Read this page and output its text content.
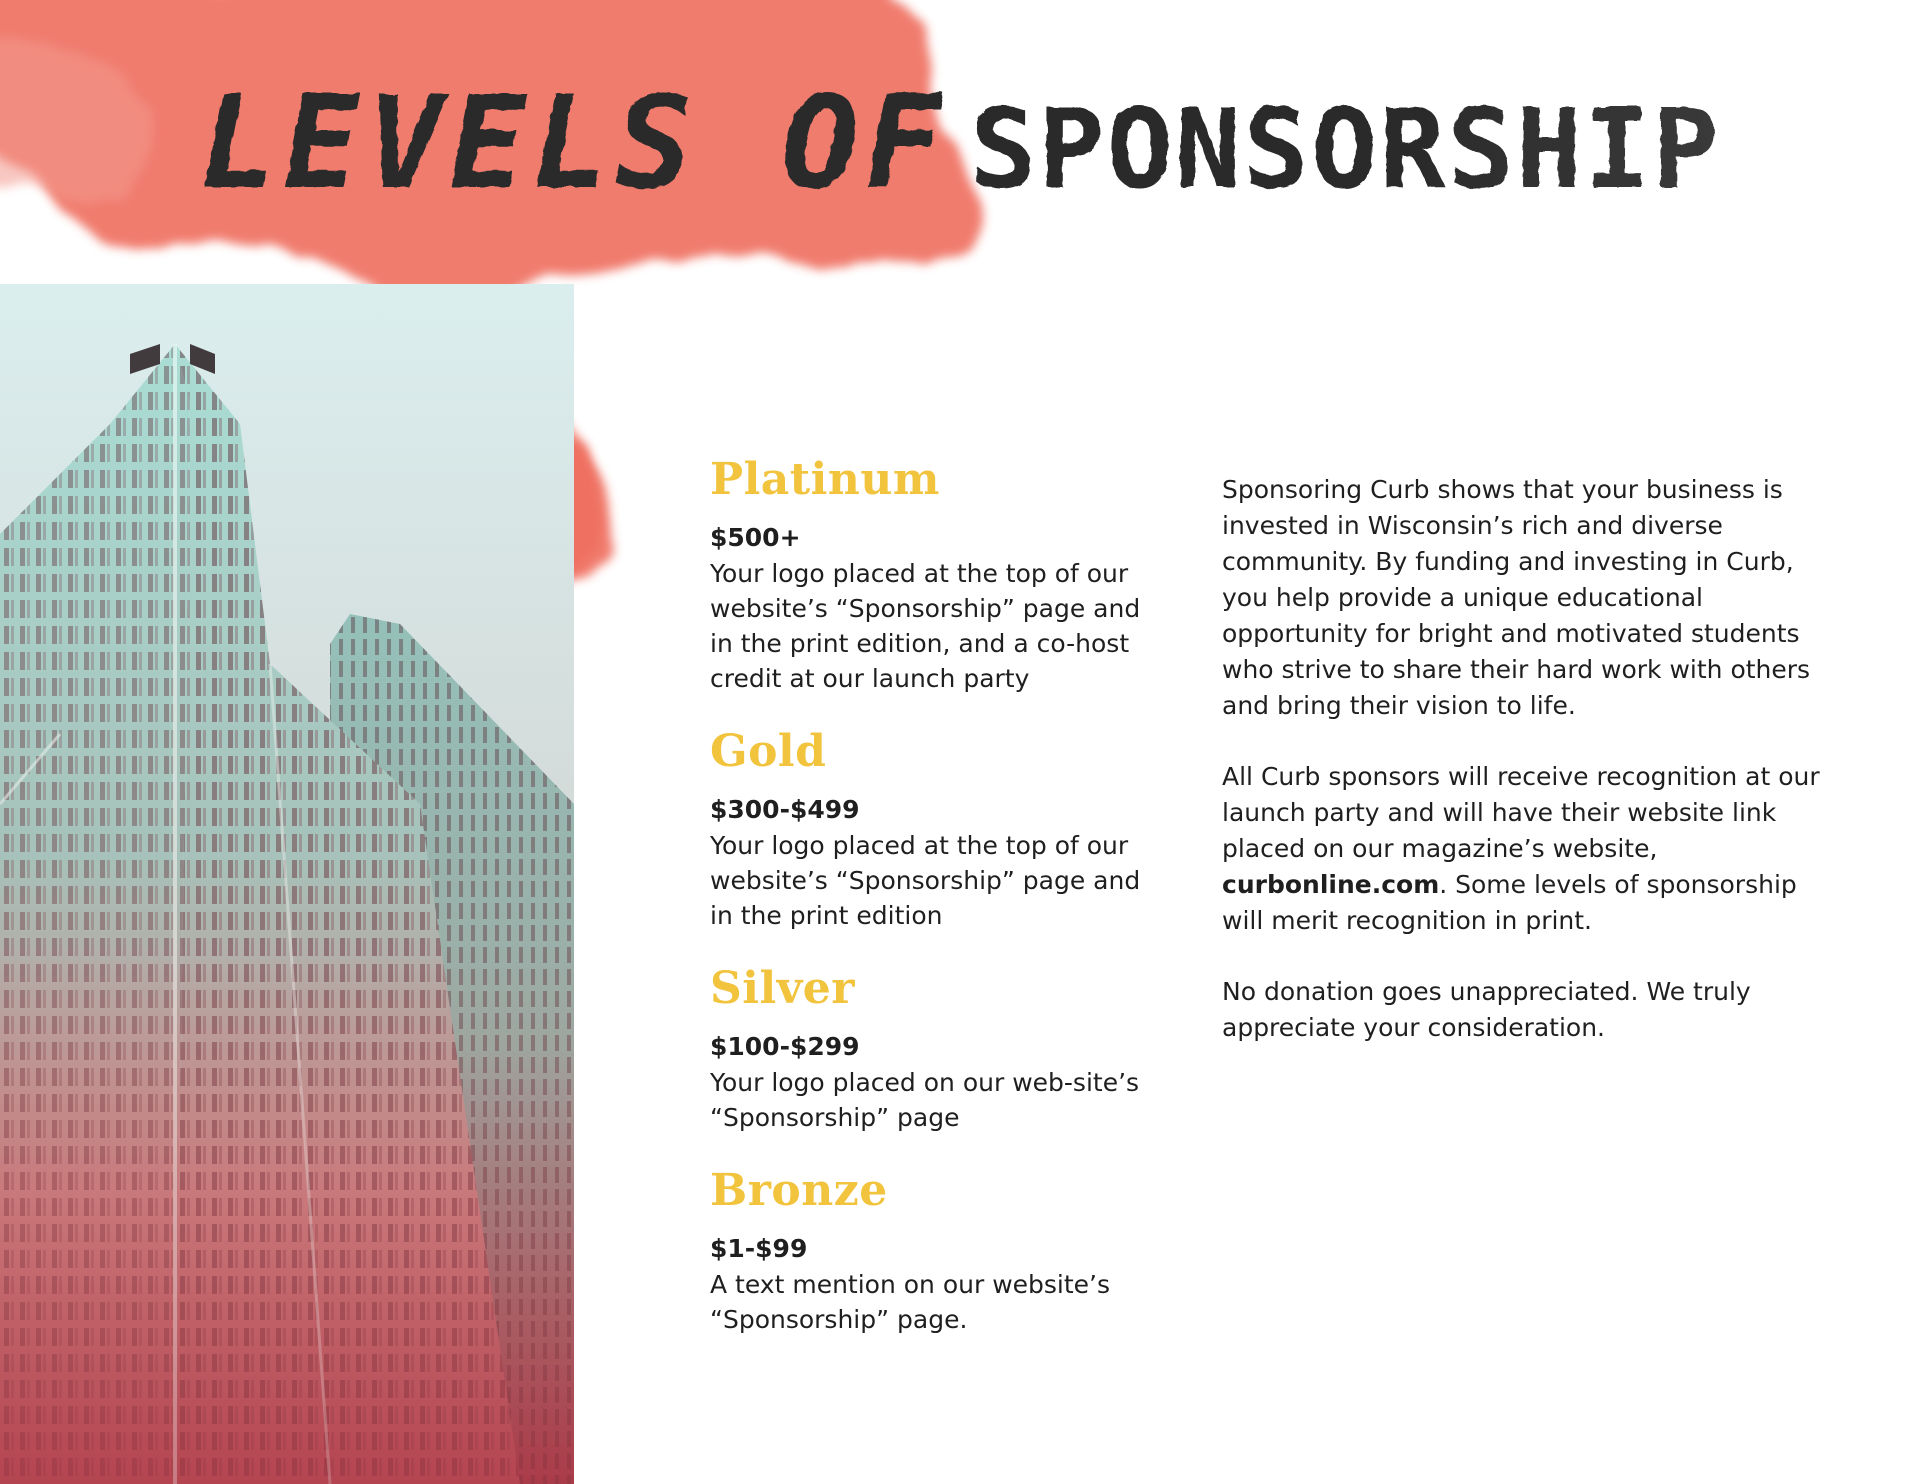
LEVELS OF SPONSORSHIP
Platinum
$500+

Your logo placed at the top of our website’s “Sponsorship” page and in the print edition, and a co-host credit at our launch party

Gold
$300-$499

Your logo placed at the top of our website’s “Sponsorship” page and in the print edition

Silver
$100-$299

Your logo placed on our web-site’s “Sponsorship” page

Bronze
$1-$99

A text mention on our website’s “Sponsorship” page.

Sponsoring Curb shows that your business is invested in Wisconsin’s rich and diverse community. By funding and investing in Curb, you help provide a unique educational opportunity for bright and motivated students who strive to share their hard work with others and bring their vision to life.

All Curb sponsors will receive recognition at our launch party and will have their website link placed on our magazine’s website, curbonline.com. Some levels of sponsorship will merit recognition in print.

No donation goes unappreciated. We truly appreciate your consideration.
